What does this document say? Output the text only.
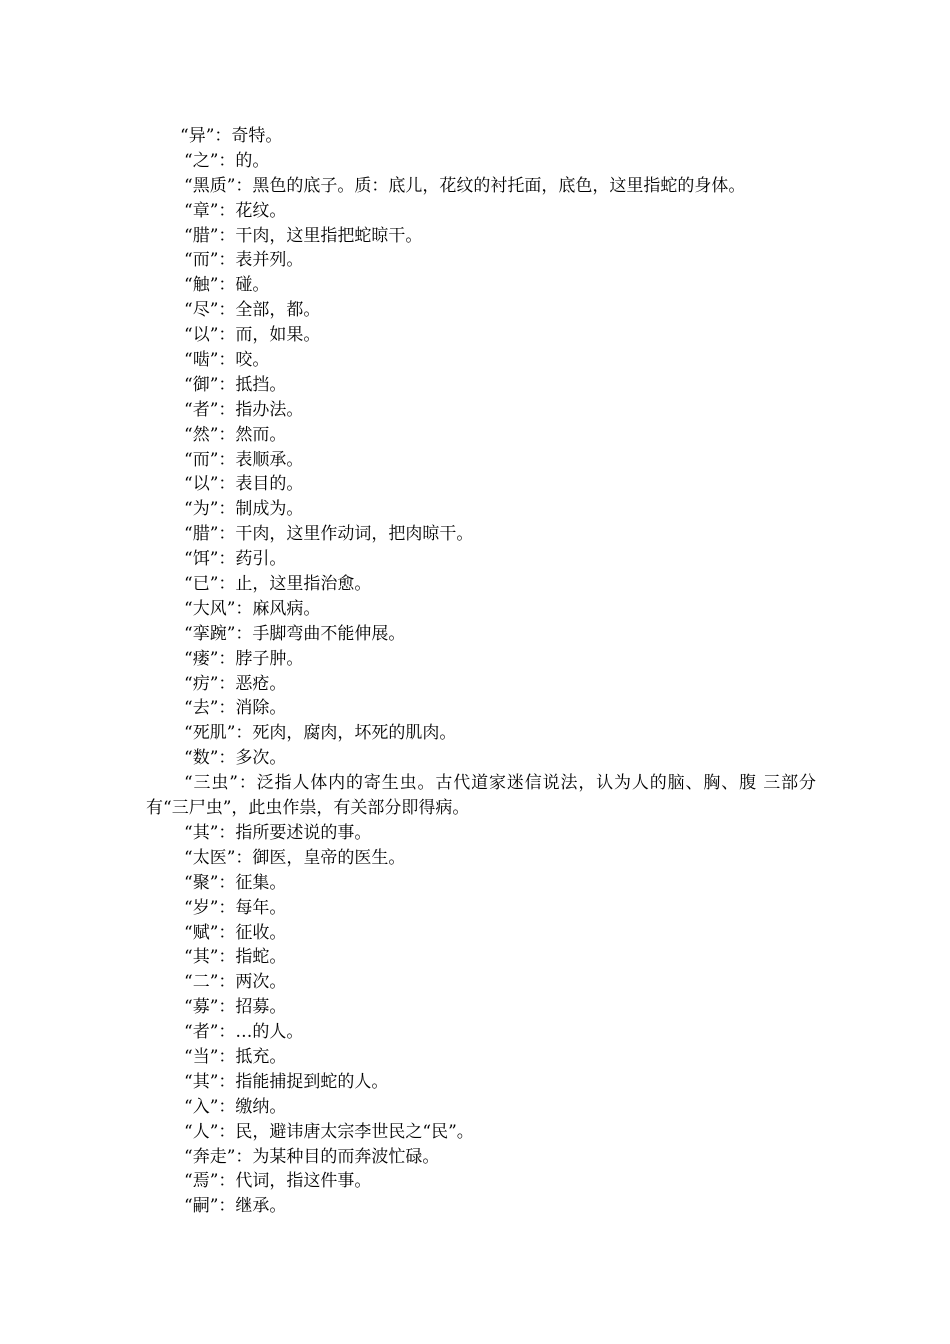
“异”：奇特。
“之”：的。
“黑质”：黑色的底子。质：底儿，花纹的衬托面，底色，这里指蛇的身体。
“章”：花纹。
“腊”：干肉，这里指把蛇晾干。
“而”：表并列。
“触”：碰。
“尽”：全部，都。
“以”：而，如果。
“啮”：咬。
“御”：抵挡。
“者”：指办法。
“然”：然而。
“而”：表顺承。
“以”：表目的。
“为”：制成为。
“腊”：干肉，这里作动词，把肉晾干。
“饵”：药引。
“已”：止，这里指治愈。
“大风”：麻风病。
“挛踠”：手脚弯曲不能伸展。
“瘘”：脖子肿。
“疠”：恶疮。
“去”：消除。
“死肌”：死肉，腐肉，坏死的肌肉。
“数”：多次。
“三虫”：泛指人体内的寄生虫。古代道家迷信说法，认为人的脑、胸、腹 三部分有“三尸虫”，此虫作祟，有关部分即得病。
“其”：指所要述说的事。
“太医”：御医，皇帝的医生。
“聚”：征集。
“岁”：每年。
“赋”：征收。
“其”：指蛇。
“二”：两次。
“募”：招募。
“者”：…的人。
“当”：抵充。
“其”：指能捕捉到蛇的人。
“入”：缴纳。
“人”：民，避讳唐太宗李世民之“民”。
“奔走”：为某种目的而奔波忙碌。
“焉”：代词，指这件事。
“嗣”：继承。
